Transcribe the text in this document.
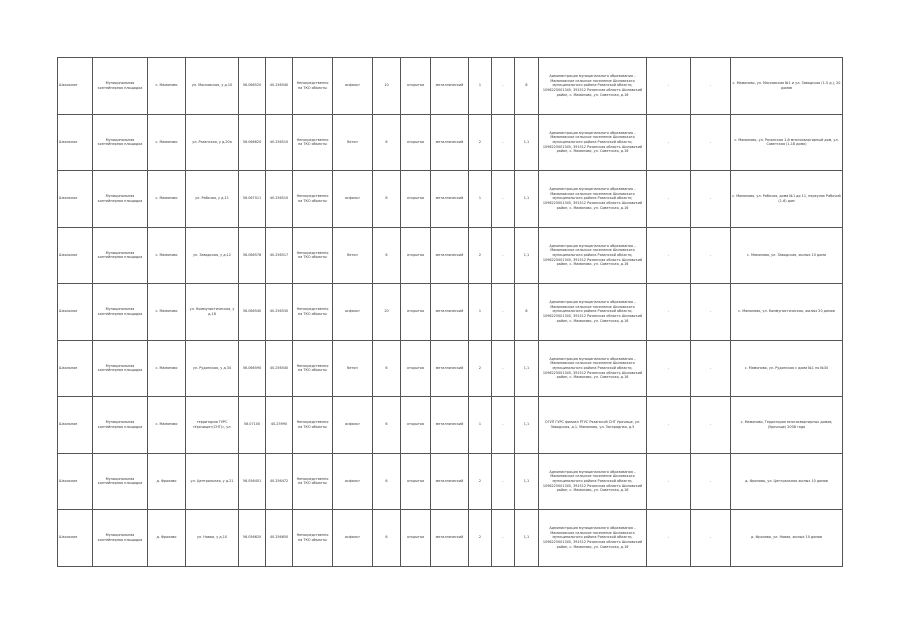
Школьное	Муниципальная контейнерная площадка	с. Мамоново	ул. Московская, у д.10	56.066520	40.256540	Непосредственно на ТКО объекты	асфальт	10	открытая	металлический	1	-	8	Администрация муниципального образования – Мамоновское сельское поселение Шиловского муниципального района Рязанской области, 1096225001345, 391512 Рязанская область Шиловский район, с. Мамоново, ул. Советская, д.16	-	-	с. Мамоново, ул. Московская №1 и ул. Заводская (1-5 д.), 20 домов
Школьное	Муниципальная контейнерная площадка	с. Мамоново	ул. Рязанская, у д.20а	56.066620	40.256510	Непосредственно на ТКО объекты	бетон	6	открытая	металлический	2	-	1,1	Администрация муниципального образования – Мамоновское сельское поселение Шиловского муниципального района Рязанской области, 1096225001345, 391512 Рязанская область Шиловский район, с. Мамоново, ул. Советская, д.16	-	-	с. Мамоново, ул. Рязанская 1-й многоквартирный дом, ул. Советская (1-18 дома)
Школьное	Муниципальная контейнерная площадка	с. Мамоново	ул. Рабочая, у д.11	56.067011	40.256510	Непосредственно на ТКО объекты	асфальт	8	открытая	металлический	1	-	1,1	Администрация муниципального образования – Мамоновское сельское поселение Шиловского муниципального района Рязанской области, 1096225001345, 391512 Рязанская область Шиловский район, с. Мамоново, ул. Советская, д.16	-	-	с. Мамоново, ул. Рабочая, дома №1 до 11, переулок Рабочий (1-6) дом
Школьное	Муниципальная контейнерная площадка	с. Мамоново	ул. Заводская, у д.12	56.066578	40.256517	Непосредственно на ТКО объекты	бетон	6	открытая	металлический	2	-	1,1	Администрация муниципального образования – Мамоновское сельское поселение Шиловского муниципального района Рязанской области, 1096225001345, 391512 Рязанская область Шиловский район, с. Мамоново, ул. Советская, д.16	-	-	с. Мамоново, ул. Заводская, жилых 10 дома
Школьное	Муниципальная контейнерная площадка	с. Мамоново	ул. Коммунистическая, у д.18	56.066540	40.256530	Непосредственно на ТКО объекты	асфальт	20	открытая	металлический	1	-	8	Администрация муниципального образования – Мамоновское сельское поселение Шиловского муниципального района Рязанской области, 1096225001345, 391512 Рязанская область Шиловский район, с. Мамоново, ул. Советская, д.16	-	-	с. Мамоново, ул. Коммунистическая, жилых 20 домов
Школьное	Муниципальная контейнерная площадка	с. Мамоново	ул. Рудинская, у д.34	56.066590	40.256540	Непосредственно на ТКО объекты	бетон	6	открытая	металлический	2	-	1,1	Администрация муниципального образования – Мамоновское сельское поселение Шиловского муниципального района Рязанской области, 1096225001345, 391512 Рязанская область Шиловский район, с. Мамоново, ул. Советская, д.16	-	-	с. Мамоново, ул. Рудинская с дома №1 по №30
Школьное	Муниципальная контейнерная площадка	с. Мамоново	территория ГУРС «Урочище»(СНТ)», ул.	56.07100	40.25990	Непосредственно на ТКО объекты	асфальт	6	открытая	металлический	1	-	1,1	ОГУП ГУРС филиал РГУС Рязанской СНТ Урочище, ул. Заводская, д.1, Мамоново, ул. Загородная, д.5	-	-	с. Мамоново, Территория многоквартирных домов, (Урочище) 2008 года
Школьное	Муниципальная контейнерная площадка	д. Фролово	ул. Центральная, у д.21	56.056451	40.256472	Непосредственно на ТКО объекты	асфальт	6	открытая	металлический	2	-	1,1	Администрация муниципального образования – Мамоновское сельское поселение Шиловского муниципального района Рязанской области, 1096225001345, 391512 Рязанская область Шиловский район, с. Мамоново, ул. Советская, д.16	-	-	д. Фролово, ул. Центральная жилых 10 домов
Школьное	Муниципальная контейнерная площадка	д. Фролово	ул. Новая, у д.10	56.056620	40.256650	Непосредственно на ТКО объекты	асфальт	6	открытая	металлический	2	-	1,1	Администрация муниципального образования – Мамоновское сельское поселение Шиловского муниципального района Рязанской области, 1096225001345, 391512 Рязанская область Шиловский район, с. Мамоново, ул. Советская, д.16	-	-	д. Фролово, ул. Новая, жилых 10 домов
